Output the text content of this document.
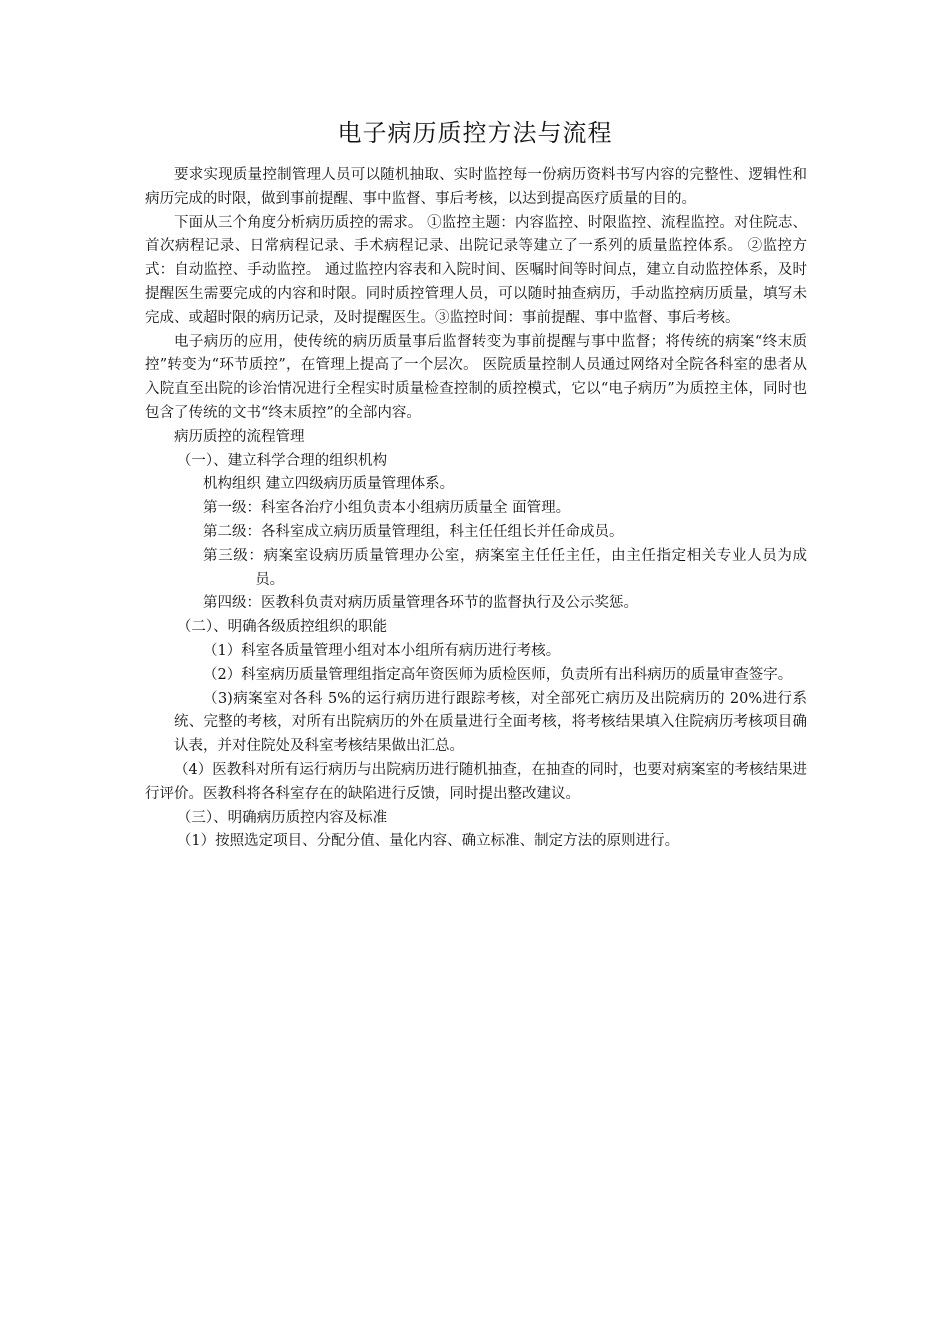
电子病历质控方法与流程

要求实现质量控制管理人员可以随机抽取、实时监控每一份病历资料书写内容的完整性、逻辑性和病历完成的时限，做到事前提醒、事中监督、事后考核，以达到提高医疗质量的目的。

下面从三个角度分析病历质控的需求。 ①监控主题：内容监控、时限监控、流程监控。对住院志、首次病程记录、日常病程记录、手术病程记录、出院记录等建立了一系列的质量监控体系。 ②监控方式：自动监控、手动监控。 通过监控内容表和入院时间、医嘱时间等时间点，建立自动监控体系，及时提醒医生需要完成的内容和时限。同时质控管理人员，可以随时抽查病历，手动监控病历质量，填写未完成、或超时限的病历记录，及时提醒医生。③监控时间：事前提醒、事中监督、事后考核。

电子病历的应用，使传统的病历质量事后监督转变为事前提醒与事中监督；将传统的病案“终末质控”转变为“环节质控”，在管理上提高了一个层次。 医院质量控制人员通过网络对全院各科室的患者从入院直至出院的诊治情况进行全程实时质量检查控制的质控模式，它以“电子病历”为质控主体，同时也包含了传统的文书“终末质控”的全部内容。

病历质控的流程管理

（一）、建立科学合理的组织机构

机构组织 建立四级病历质量管理体系。

第一级：科室各治疗小组负责本小组病历质量全 面管理。

第二级：各科室成立病历质量管理组，科主任任组长并任命成员。

第三级：病案室设病历质量管理办公室，病案室主任任主任，由主任指定相关专业人员为成员。

第四级：医教科负责对病历质量管理各环节的监督执行及公示奖惩。

（二）、明确各级质控组织的职能

（1）科室各质量管理小组对本小组所有病历进行考核。

（2）科室病历质量管理组指定高年资医师为质检医师，负责所有出科病历的质量审查签字。

（3)病案室对各科 5%的运行病历进行跟踪考核，对全部死亡病历及出院病历的 20%进行系统、完整的考核，对所有出院病历的外在质量进行全面考核，将考核结果填入住院病历考核项目确认表，并对住院处及科室考核结果做出汇总。

（4）医教科对所有运行病历与出院病历进行随机抽查，在抽查的同时，也要对病案室的考核结果进行评价。医教科将各科室存在的缺陷进行反馈，同时提出整改建议。

（三）、明确病历质控内容及标准

（1）按照选定项目、分配分值、量化内容、确立标准、制定方法的原则进行。
